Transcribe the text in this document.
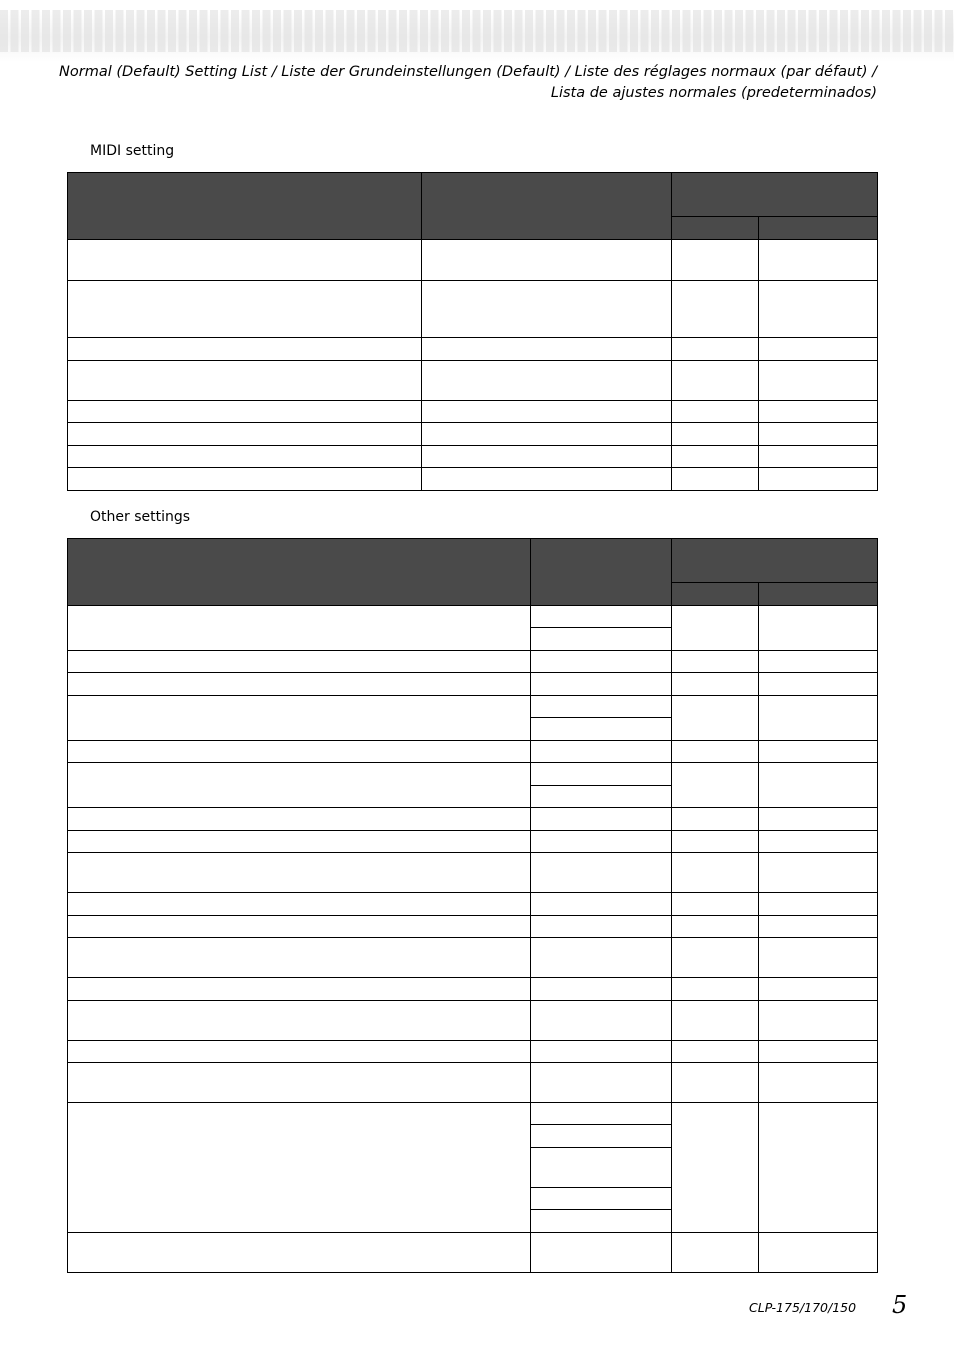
Normal (Default) Setting List / Liste der Grundeinstellungen (Default) / Liste des réglages normaux (par défaut) /
Lista de ajustes normales (predeterminados)
MIDI setting

Other settings

CLP-175/170/150 5
